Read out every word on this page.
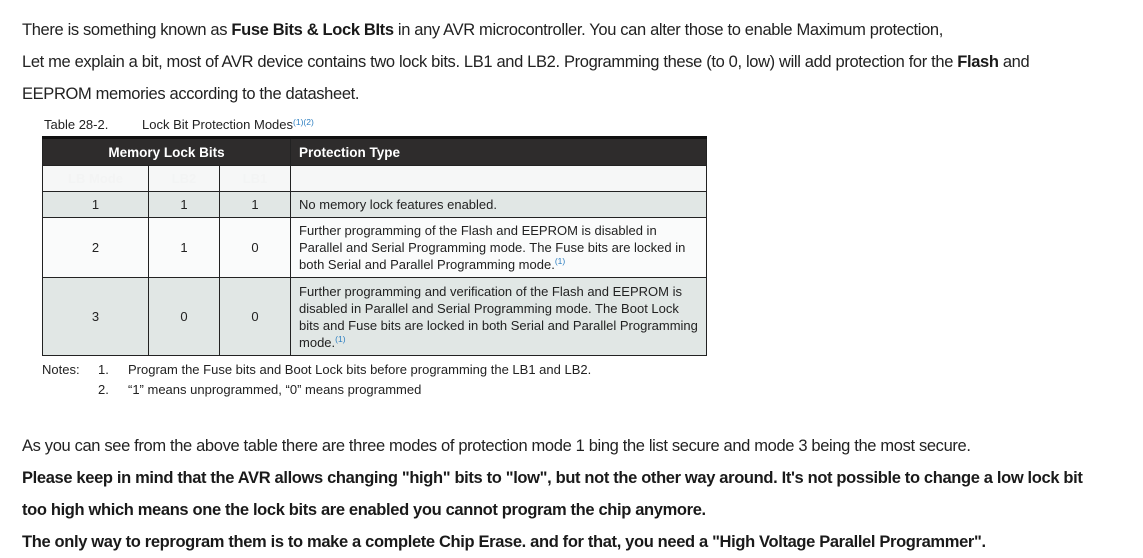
There is something known as Fuse Bits & Lock BIts in any AVR microcontroller. You can alter those to enable Maximum protection,
Let me explain a bit, most of AVR device contains two lock bits. LB1 and LB2. Programming these (to 0, low) will add protection for the Flash and
EEPROM memories according to the datasheet.
Table 28-2.	Lock Bit Protection Modes$^{(1)(2)}$
Memory Lock Bits			Protection Type
LB Mode	LB2	LB1	
1	1	1	No memory lock features enabled.
2	1	0	Further programming of the Flash and EEPROM is disabled in Parallel and Serial Programming mode. The Fuse bits are locked in both Serial and Parallel Programming mode.$^{(1)}$
3	0	0	Further programming and verification of the Flash and EEPROM is disabled in Parallel and Serial Programming mode. The Boot Lock bits and Fuse bits are locked in both Serial and Parallel Programming mode.$^{(1)}$
Notes: 1. Program the Fuse bits and Boot Lock bits before programming the LB1 and LB2.
2. “1” means unprogrammed, “0” means programmed
As you can see from the above table there are three modes of protection mode 1 bing the list secure and mode 3 being the most secure.
Please keep in mind that the AVR allows changing "high" bits to "low", but not the other way around. It's not possible to change a low lock bit
too high which means one the lock bits are enabled you cannot program the chip anymore.
The only way to reprogram them is to make a complete Chip Erase. and for that, you need a "High Voltage Parallel Programmer".
